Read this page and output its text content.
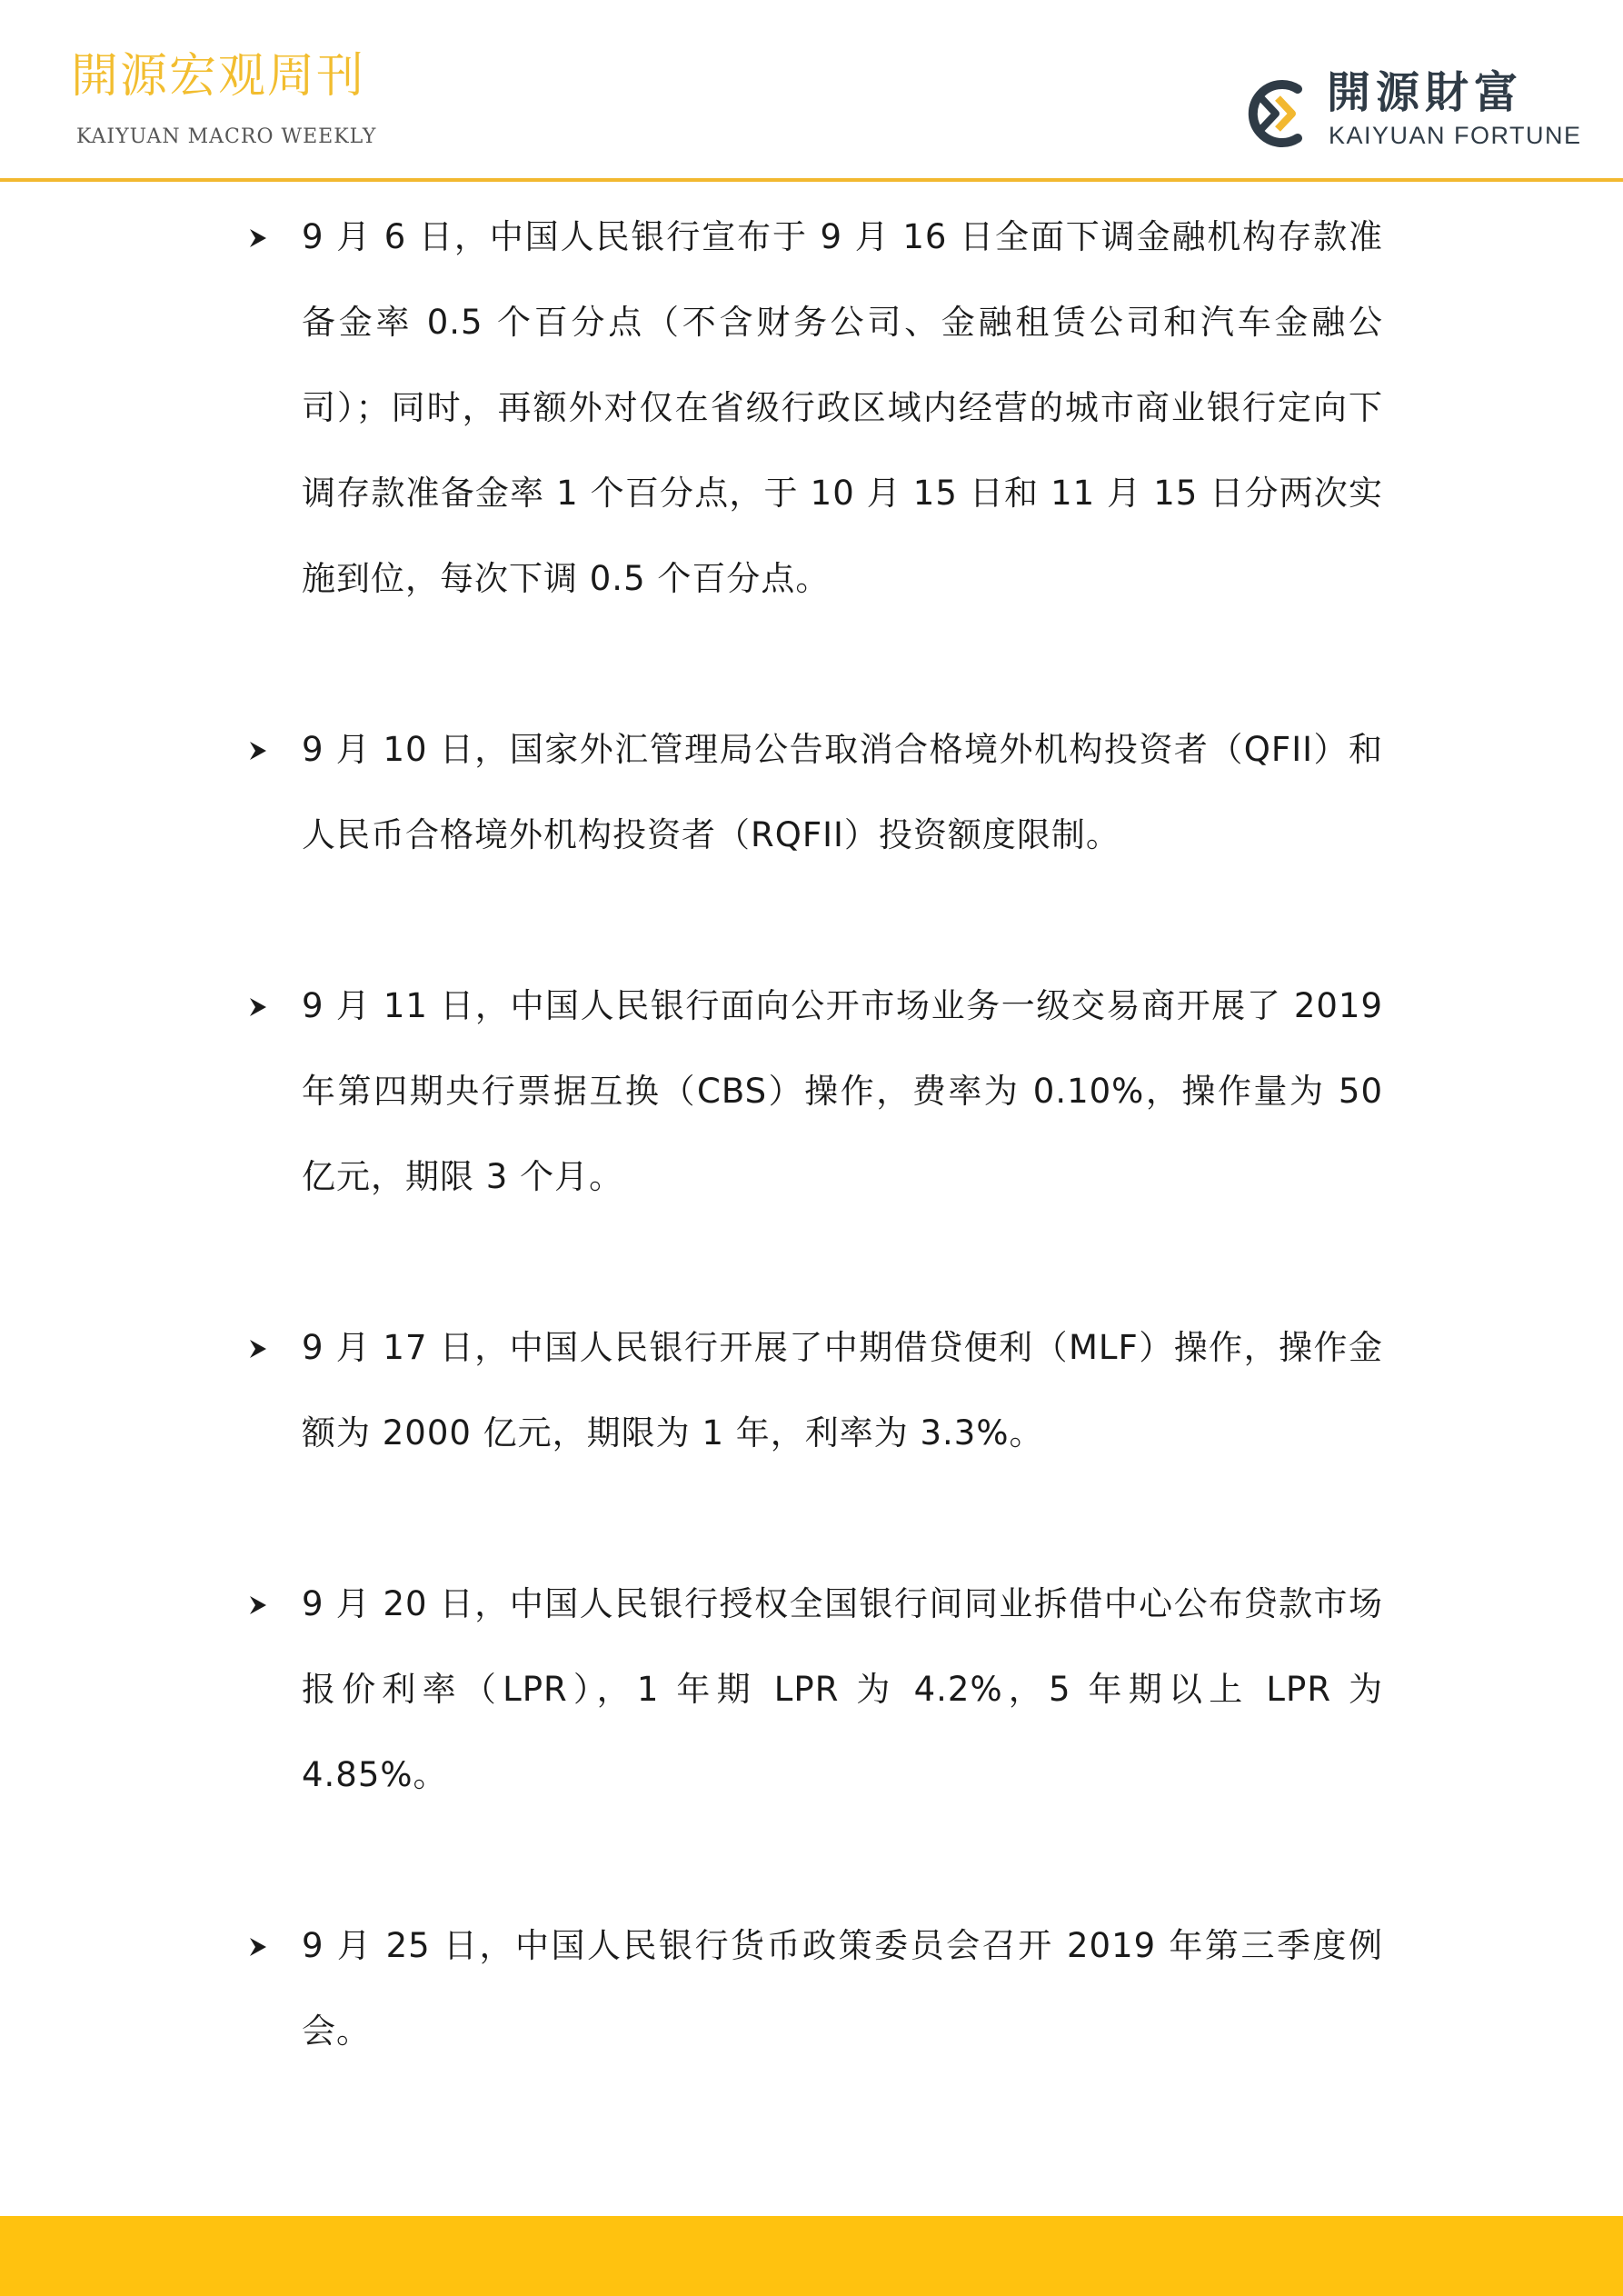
開源宏观周刊
KAIYUAN MACRO WEEKLY
開源財富
KAIYUAN FORTUNE
9 月 6 日，中国人民银行宣布于 9 月 16 日全面下调金融机构存款准备金率 0.5 个百分点（不含财务公司、金融租赁公司和汽车金融公司）；同时，再额外对仅在省级行政区域内经营的城市商业银行定向下调存款准备金率 1 个百分点，于 10 月 15 日和 11 月 15 日分两次实施到位，每次下调 0.5 个百分点。
9 月 10 日，国家外汇管理局公告取消合格境外机构投资者（QFII）和人民币合格境外机构投资者（RQFII）投资额度限制。
9 月 11 日，中国人民银行面向公开市场业务一级交易商开展了 2019 年第四期央行票据互换（CBS）操作，费率为 0.10%，操作量为 50 亿元，期限 3 个月。
9 月 17 日，中国人民银行开展了中期借贷便利（MLF）操作，操作金额为 2000 亿元，期限为 1 年，利率为 3.3%。
9 月 20 日，中国人民银行授权全国银行间同业拆借中心公布贷款市场报价利率（LPR），1 年期 LPR 为 4.2%，5 年期以上 LPR 为 4.85%。
9 月 25 日，中国人民银行货币政策委员会召开 2019 年第三季度例会。
